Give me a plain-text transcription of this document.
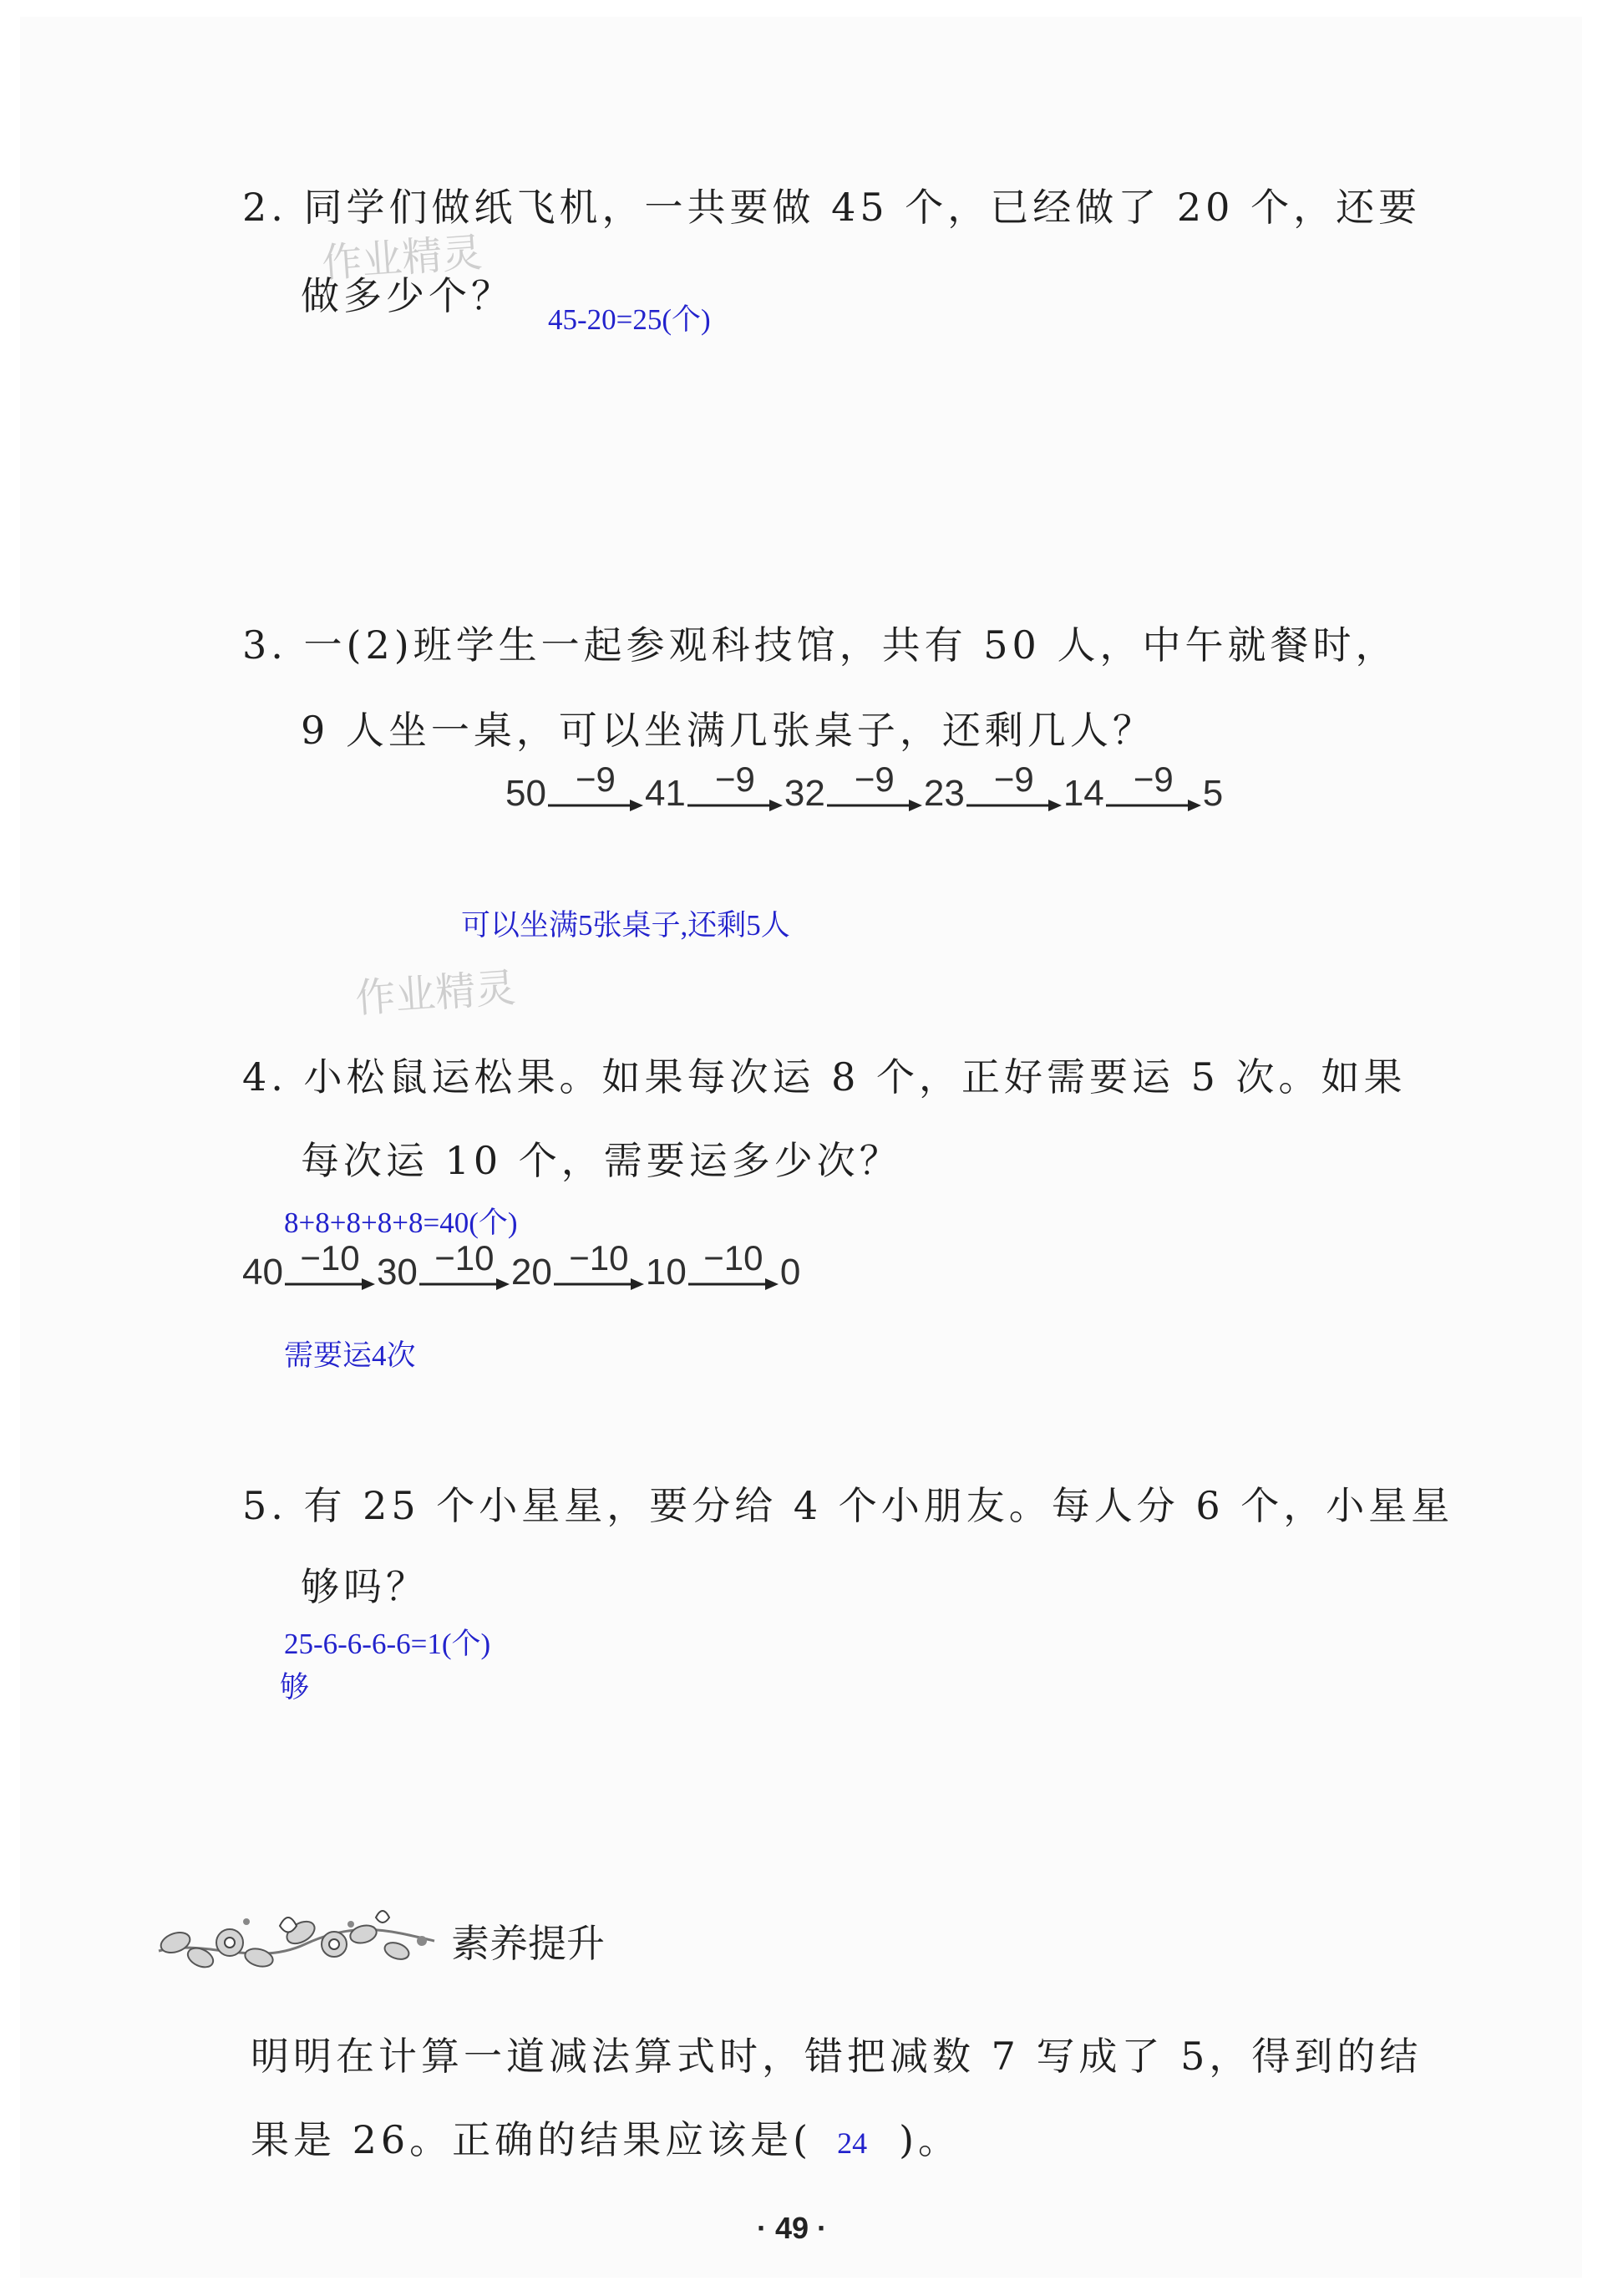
作业精灵
作业精灵
2. 同学们做纸飞机，一共要做 45 个，已经做了 20 个，还要
做多少个？
45-20=25(个)
3. 一(2)班学生一起参观科技馆，共有 50 人，中午就餐时，
9 人坐一桌，可以坐满几张桌子，还剩几人？
50 −9 41 −9 32 −9 23 −9 14 −9 5
可以坐满5张桌子,还剩5人
4. 小松鼠运松果。如果每次运 8 个，正好需要运 5 次。如果
每次运 10 个，需要运多少次？
8+8+8+8+8=40(个)
40 −10 30 −10 20 −10 10 −10 0
需要运4次
5. 有 25 个小星星，要分给 4 个小朋友。每人分 6 个，小星星
够吗？
25-6-6-6-6=1(个)
够
素养提升
明明在计算一道减法算式时，错把减数 7 写成了 5，得到的结
果是 26。正确的结果应该是( 24 )。
· 49 ·
